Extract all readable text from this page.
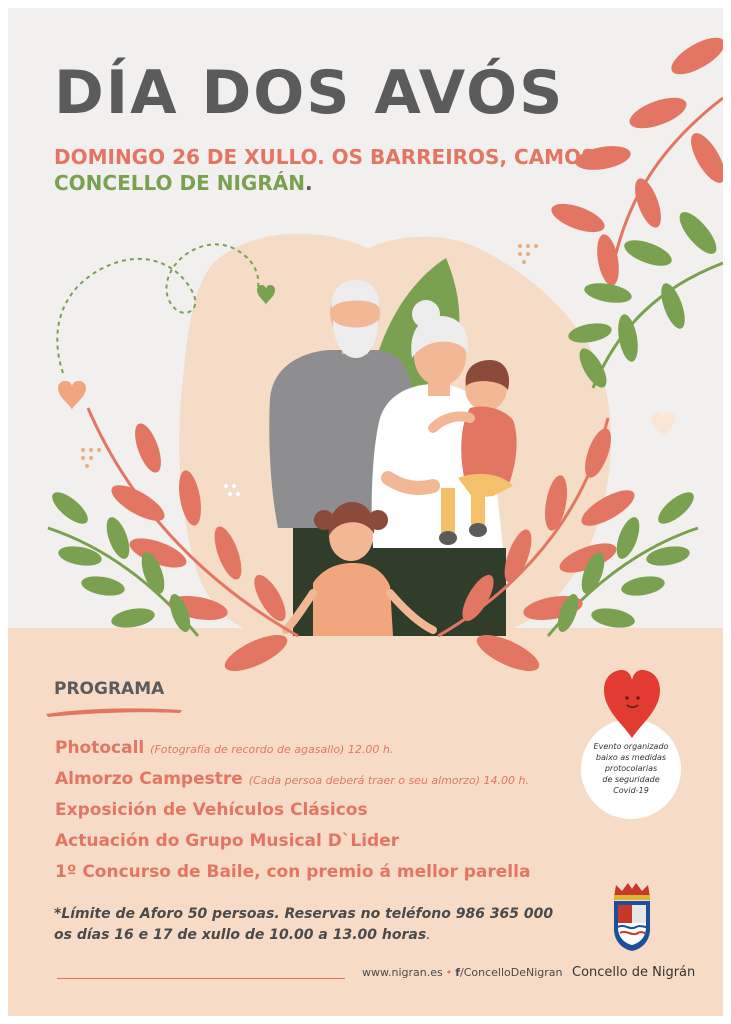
DÍA DOS AVÓS

DOMINGO 26 DE XULLO. OS BARREIROS, CAMOS.

CONCELLO DE NIGRÁN.

PROGRAMA
Photocall (Fotografía de recordo de agasallo) 12.00 h.
Almorzo Campestre (Cada persoa deberá traer o seu almorzo) 14.00 h.
Exposición de Vehículos Clásicos
Actuación do Grupo Musical D`Lider
1º Concurso de Baile, con premio á mellor parella
*Límite de Aforo 50 persoas. Reservas no teléfono 986 365 000
os días 16 e 17 de xullo de 10.00 a 13.00 horas.
Evento organizado
baixo as medidas
protocolarias
de seguridade
Covid-19
www.nigran.es • f/ConcelloDeNigran Concello de Nigrán
